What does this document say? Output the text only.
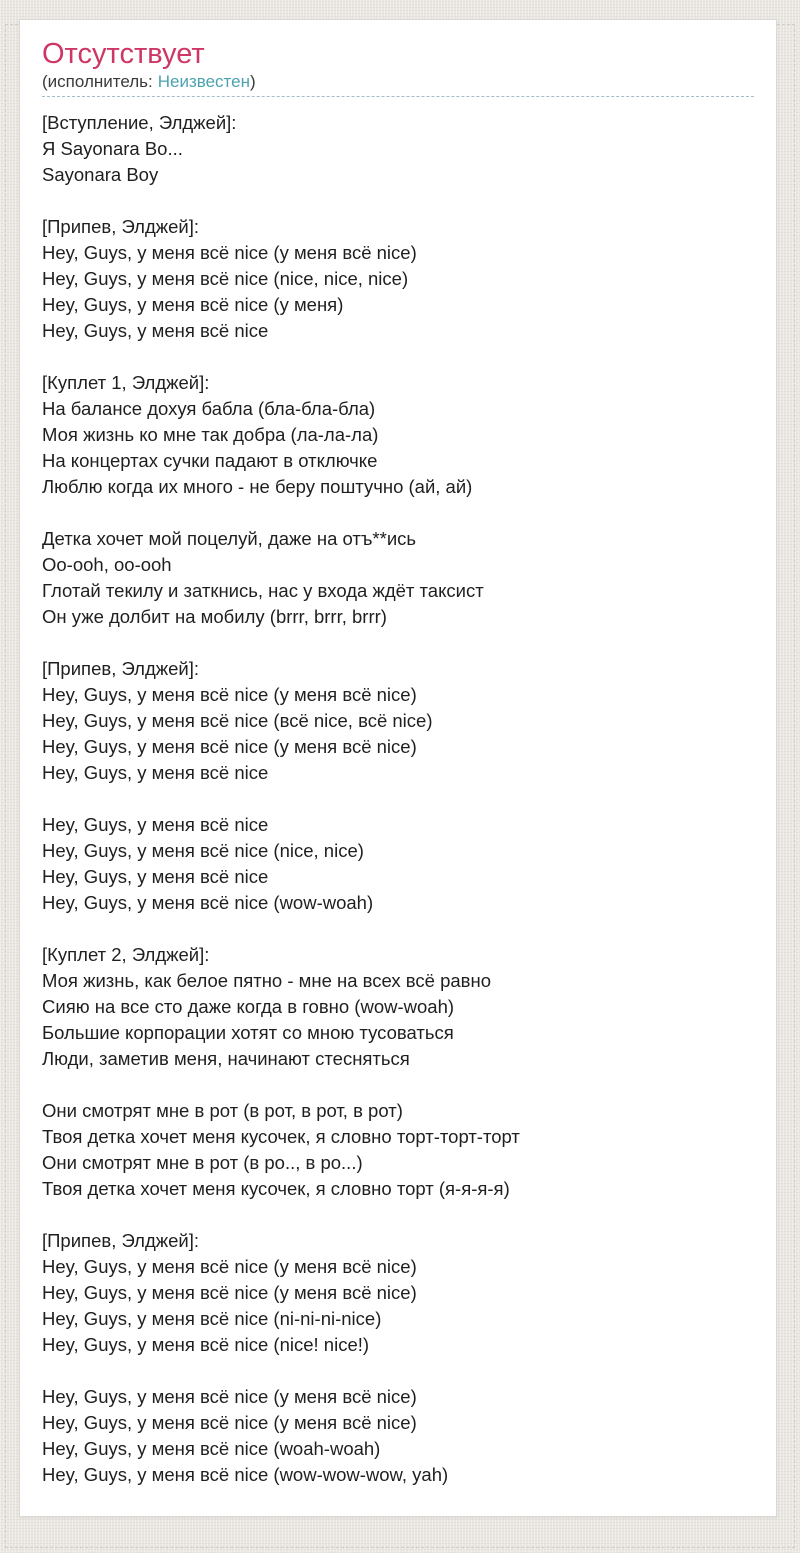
Отсутствует
(исполнитель: Неизвестен)
[Вступление, Элджей]:
Я Sayonara Bo...
Sayonara Boy
[Припев, Элджей]:
Hey, Guys, у меня всё nice (у меня всё nice)
Hey, Guys, у меня всё nice (nice, nice, nice)
Hey, Guys, у меня всё nice (у меня)
Hey, Guys, у меня всё nice
[Куплет 1, Элджей]:
На балансе дохуя бабла (бла-бла-бла)
Моя жизнь ко мне так добра (ла-ла-ла)
На концертах сучки падают в отключке
Люблю когда их много - не беру поштучно (ай, ай)
Детка хочет мой поцелуй, даже на отъ**ись
Oo-ooh, oo-ooh
Глотай текилу и заткнись, нас у входа ждёт таксист
Он уже долбит на мобилу (brrr, brrr, brrr)
[Припев, Элджей]:
Hey, Guys, у меня всё nice (у меня всё nice)
Hey, Guys, у меня всё nice (всё nice, всё nice)
Hey, Guys, у меня всё nice (у меня всё nice)
Hey, Guys, у меня всё nice
Hey, Guys, у меня всё nice
Hey, Guys, у меня всё nice (nice, nice)
Hey, Guys, у меня всё nice
Hey, Guys, у меня всё nice (wow-woah)
[Куплет 2, Элджей]:
Моя жизнь, как белое пятно - мне на всех всё равно
Сияю на все сто даже когда в говно (wow-woah)
Большие корпорации хотят со мною тусоваться
Люди, заметив меня, начинают стесняться
Они смотрят мне в рот (в рот, в рот, в рот)
Твоя детка хочет меня кусочек, я словно торт-торт-торт
Они смотрят мне в рот (в ро.., в ро...)
Твоя детка хочет меня кусочек, я словно торт (я-я-я-я)
[Припев, Элджей]:
Hey, Guys, у меня всё nice (у меня всё nice)
Hey, Guys, у меня всё nice (у меня всё nice)
Hey, Guys, у меня всё nice (ni-ni-ni-nice)
Hey, Guys, у меня всё nice (nice! nice!)
Hey, Guys, у меня всё nice (у меня всё nice)
Hey, Guys, у меня всё nice (у меня всё nice)
Hey, Guys, у меня всё nice (woah-woah)
Hey, Guys, у меня всё nice (wow-wow-wow, yah)
